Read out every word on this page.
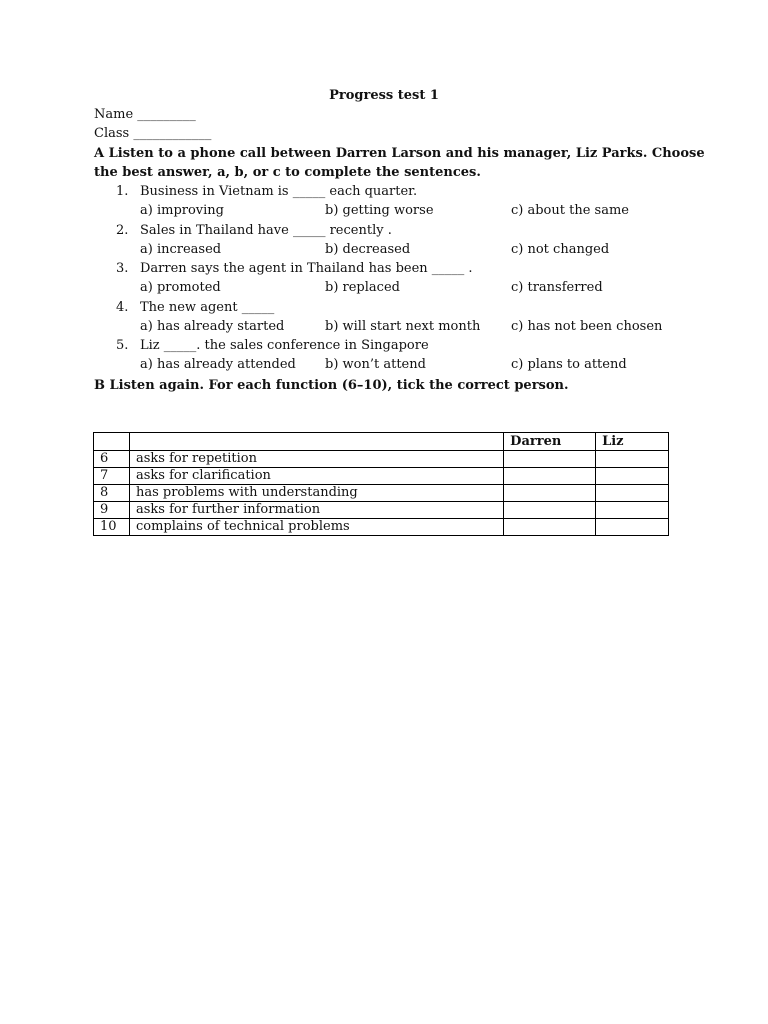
Progress test 1
Name _________
Class ____________
A Listen to a phone call between Darren Larson and his manager, Liz Parks. Choose
the best answer, a, b, or c to complete the sentences.
1. Business in Vietnam is _____ each quarter.
a) improving	b) getting worse	c) about the same
2. Sales in Thailand have _____ recently .
a) increased	b) decreased	c) not changed
3. Darren says the agent in Thailand has been _____ .
a) promoted	b) replaced	c) transferred
4. The new agent _____
a) has already started	b) will start next month c) has not been chosen
5. Liz _____. the sales conference in Singapore
a) has already attended b) won’t attend	c) plans to attend
B Listen again. For each function (6–10), tick the correct person.
		Darren	Liz
6	asks for repetition		
7	asks for clarification		
8	has problems with understanding		
9	asks for further information		
10	complains of technical problems		
